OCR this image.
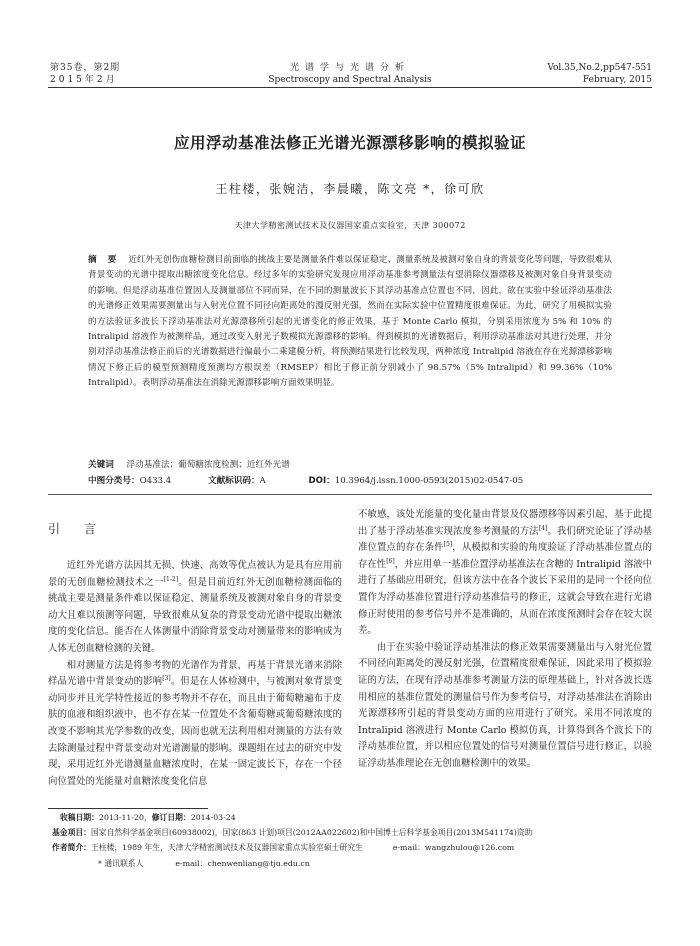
第35卷，第2期
2015年2月
光谱学与光谱分析
Spectroscopy and Spectral Analysis
Vol.35,No.2,pp547-551
February, 2015
应用浮动基准法修正光谱光源漂移影响的模拟验证
王柱楼，张婉洁，李晨曦，陈文亮 *，徐可欣
天津大学精密测试技术及仪器国家重点实验室，天津 300072
摘 要 近红外无创伤血糖检测目前面临的挑战主要是测量条件难以保证稳定、测量系统及被测对象自身的背景变化等问题，导致很难从背景变动的光谱中提取出糖浓度变化信息。经过多年的实验研究发现应用浮动基准参考测量法有望消除仪器漂移及被测对象自身背景变动的影响。但是浮动基准位置因人及测量部位不同而异，在不同的测量波长下其浮动基准点位置也不同，因此，欲在实验中验证浮动基准法的光谱修正效果需要测量出与入射光位置不同径向距离处的漫反射光强，然而在实际实验中位置精度很难保证。为此，研究了用模拟实验的方法验证多波长下浮动基准法对光源漂移所引起的光谱变化的修正效果，基于 Monte Carlo 模拟，分别采用浓度为 5% 和 10% 的 Intralipid 溶液作为被测样品，通过改变入射光子数模拟光源漂移的影响。得到模拟的光谱数据后，利用浮动基准法对其进行处理，并分别对浮动基准法修正前后的光谱数据进行偏最小二乘建模分析，将预测结果进行比较发现，两种浓度 Intralipid 溶液在存在光源漂移影响情况下修正后的模型预测精度预测均方根误差（RMSEP）相比于修正前分别减小了 98.57%（5% Intralipid）和 99.36%（10% Intralipid）。表明浮动基准法在消除光源漂移影响方面效果明显。
关键词 浮动基准法；葡萄糖浓度检测；近红外光谱
中图分类号：O433.4	文献标识码：A	DOI：10.3964/j.issn.1000-0593(2015)02-0547-05
引 言

近红外光谱方法因其无损、快速、高效等优点被认为是具有应用前景的无创血糖检测技术之一[1-2]。但是目前近红外无创血糖检测面临的挑战主要是测量条件难以保证稳定、测量系统及被测对象自身的背景变动大且难以预测等问题，导致很难从复杂的背景变动光谱中提取出糖浓度的变化信息。能否在人体测量中消除背景变动对测量带来的影响成为人体无创血糖检测的关键。

相对测量方法是将参考物的光谱作为背景，再基于背景光谱来消除样品光谱中背景变动的影响[3]。但是在人体检测中，与被测对象背景变动同步并且光学特性接近的参考物并不存在，而且由于葡萄糖遍布于皮肤的血液和组织液中，也不存在某一位置处不含葡萄糖或葡萄糖浓度的改变不影响其光学参数的改变，因而也就无法利用相对测量的方法有效去除测量过程中背景变动对光谱测量的影响。课题组在过去的研究中发现，采用近红外光谱测量血糖浓度时，在某一固定波长下，存在一个径向位置处的光能量对血糖浓度变化信息

不敏感，该处光能量的变化量由背景及仪器漂移等因素引起，基于此提出了基于浮动基准实现浓度参考测量的方法[4]。我们研究论证了浮动基准位置点的存在条件[5]，从模拟和实验的角度验证了浮动基准位置点的存在性[6]，并应用单一基准位置浮动基准法在含糖的 Intralipid 溶液中进行了基础应用研究，但该方法中在各个波长下采用的是同一个径向位置作为浮动基准位置进行浮动基准信号的修正，这就会导致在进行光谱修正时使用的参考信号并不是准确的，从而在浓度预测时会存在较大误差。

由于在实验中验证浮动基准法的修正效果需要测量出与入射光位置不同径向距离处的漫反射光强，位置精度很难保证，因此采用了模拟验证的方法，在现有浮动基准参考测量方法的原理基础上，针对各波长选用相应的基准位置处的测量信号作为参考信号，对浮动基准法在消除由光源漂移所引起的背景变动方面的应用进行了研究。采用不同浓度的 Intralipid 溶液进行 Monte Carlo 模拟仿真，计算得到各个波长下的浮动基准位置，并以相应位置处的信号对测量位置信号进行修正，以验证浮动基准理论在无创血糖检测中的效果。

收稿日期：2013-11-20，修订日期：2014-03-24
基金项目：国家自然科学基金项目(60938002)，国家(863 计划)项目(2012AA022602)和中国博士后科学基金项目(2013M541174)资助
作者简介：王柱楼，1989 年生，天津大学精密测试技术及仪器国家重点实验室硕士研究生	e-mail：wangzhulou@126.com
* 通讯联系人	e-mail：chenwenliang@tju.edu.cn
